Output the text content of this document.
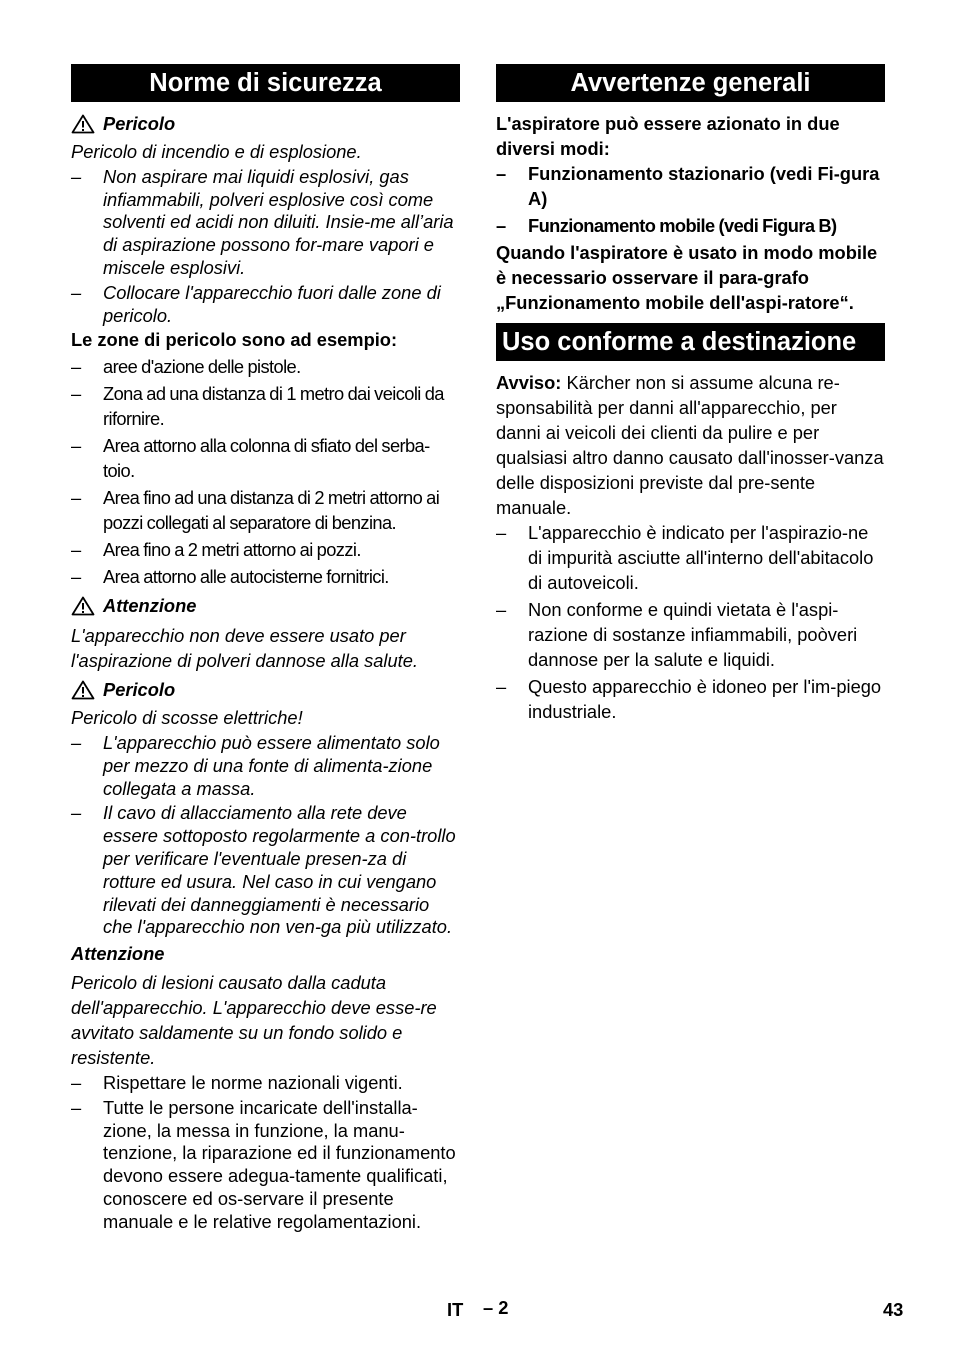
Norme di sicurezza
Pericolo

Pericolo di incendio e di esplosione.

– Non aspirare mai liquidi esplosivi, gas infiammabili, polveri esplosive così come solventi ed acidi non diluiti. Insie-me all’aria di aspirazione possono for-mare vapori e miscele esplosivi.
– Collocare l'apparecchio fuori dalle zone di pericolo.

Le zone di pericolo sono ad esempio:

– aree d'azione delle pistole.
– Zona ad una distanza di 1 metro dai veicoli da rifornire.
– Area attorno alla colonna di sfiato del serba-toio.
– Area fino ad una distanza di 2 metri attorno ai pozzi collegati al separatore di benzina.
– Area fino a 2 metri attorno ai pozzi.
– Area attorno alle autocisterne fornitrici.
Attenzione

L'apparecchio non deve essere usato per l'aspirazione di polveri dannose alla salute.

Pericolo

Pericolo di scosse elettriche!

– L'apparecchio può essere alimentato solo per mezzo di una fonte di alimenta-zione collegata a massa.
– Il cavo di allacciamento alla rete deve essere sottoposto regolarmente a con-trollo per verificare l'eventuale presen-za di rotture ed usura. Nel caso in cui vengano rilevati dei danneggiamenti è necessario che l'apparecchio non ven-ga più utilizzato.

Attenzione

Pericolo di lesioni causato dalla caduta dell'apparecchio. L'apparecchio deve esse-re avvitato saldamente su un fondo solido e resistente.

– Rispettare le norme nazionali vigenti.
– Tutte le persone incaricate dell'installa-zione, la messa in funzione, la manu-tenzione, la riparazione ed il funzionamento devono essere adegua-tamente qualificati, conoscere ed os-servare il presente manuale e le relative regolamentazioni.
Avvertenze generali

L'aspiratore può essere azionato in due diversi modi:

– Funzionamento stazionario (vedi Fi-gura A)
– Funzionamento mobile (vedi Figura B)

Quando l'aspiratore è usato in modo mobile è necessario osservare il para-grafo „Funzionamento mobile dell'aspi-ratore“.

Uso conforme a destinazione

Avviso: Kärcher non si assume alcuna re-sponsabilità per danni all'apparecchio, per danni ai veicoli dei clienti da pulire e per qualsiasi altro danno causato dall'inosser-vanza delle disposizioni previste dal pre-sente manuale.

– L'apparecchio è indicato per l'aspirazio-ne di impurità asciutte all'interno dell'abitacolo di autoveicoli.
– Non conforme e quindi vietata è l'aspi-razione di sostanze infiammabili, poòveri dannose per la salute e liquidi.
– Questo apparecchio è idoneo per l'im-piego industriale.
IT – 2	43
